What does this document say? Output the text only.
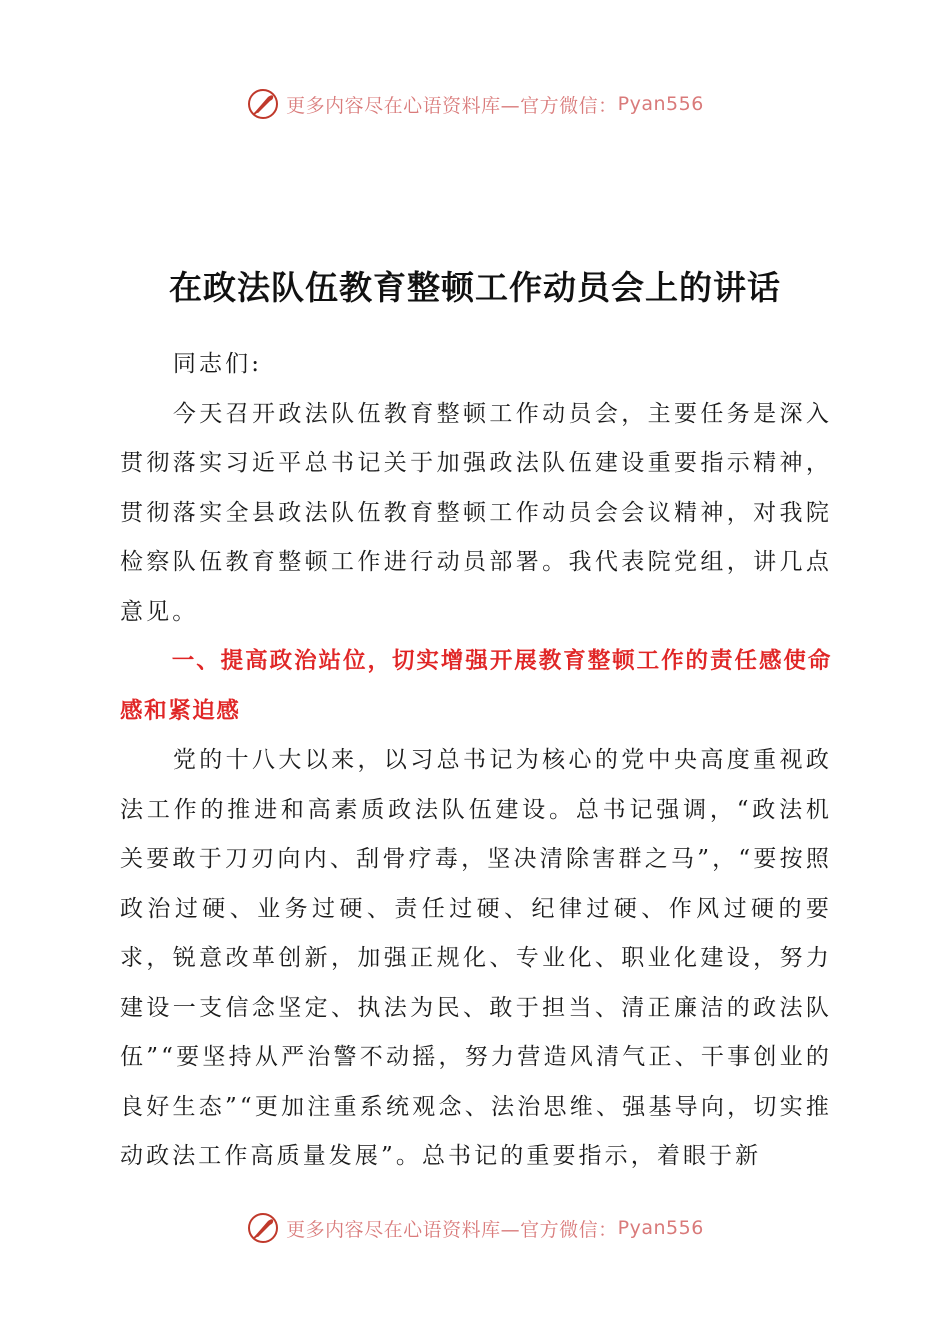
更多内容尽在心语资料库—官方微信： Pyan556
在政法队伍教育整顿工作动员会上的讲话

同志们:

今天召开政法队伍教育整顿工作动员会，主要任务是深入贯彻落实习近平总书记关于加强政法队伍建设重要指示精神，贯彻落实全县政法队伍教育整顿工作动员会会议精神，对我院检察队伍教育整顿工作进行动员部署。我代表院党组，讲几点意见。

一、提高政治站位，切实增强开展教育整顿工作的责任感使命感和紧迫感

党的十八大以来，以习总书记为核心的党中央高度重视政法工作的推进和高素质政法队伍建设。总书记强调，“政法机关要敢于刀刃向内、刮骨疗毒，坚决清除害群之马”，“要按照政治过硬、业务过硬、责任过硬、纪律过硬、作风过硬的要求，锐意改革创新，加强正规化、专业化、职业化建设，努力建设一支信念坚定、执法为民、敢于担当、清正廉洁的政法队伍”“要坚持从严治警不动摇，努力营造风清气正、干事创业的良好生态”“更加注重系统观念、法治思维、强基导向，切实推动政法工作高质量发展”。总书记的重要指示，着眼于新

更多内容尽在心语资料库—官方微信： Pyan556
